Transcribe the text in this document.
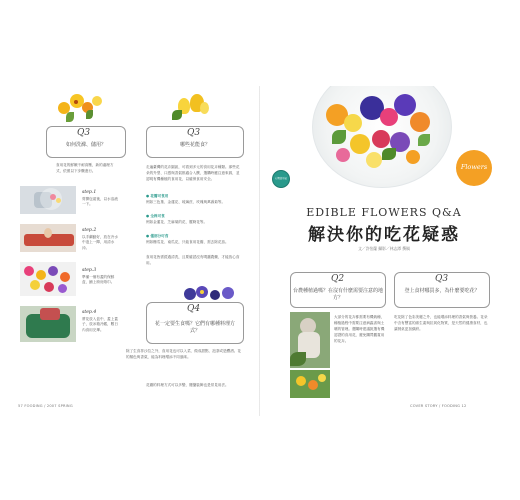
Q3
如何洗滌、儲用？
食用花的鮮嫩不耐高壓，新的處理方式，依照以下步驟進行。
step.1
剪開包裝後，以水溶液一下。
step.2
以手翻動好，放在冷水中泡上一陣，用清水沖。
step.3
準備一個有蓋的保鮮盒，鋪上廚房紙巾。
step.4
將花放入盒中，蓋上蓋子，放冰箱冷藏，數日內食用完畢。
Q3
哪些花能食？
走遍臺灣的花卉園區，可看到多元的食用花卉種類。那些花朵的外型、口感與香氣都適合入饌，選購時應注意來源，並認明有機種植的食用花，以確保食用安全。
● 花瓣可食用
例如三色堇、金蓮花、琉璃苣、玫瑰與萬壽菊等。
● 全株可食
例如金蓮花、芝麻葉的花、羅勒花等。
● 僅部分可食
例如櫛瓜花、南瓜花，只能食用花瓣，需去除花蕊。
食用花皆需經過清洗，且要確認沒有噴灑農藥，才能放心食用。
Q4
花一定要生食嗎？它們有哪種料理方式？
除了生食拌沙拉之外，食用花也可以入菜、做成甜點、泡茶或是釀酒。花的顏色與香氣，能為料理增添不同風味。
花瓣的料理方式可以多變，擺盤裝飾也是常見用法。
57 FOODING / 2007 SPRING
有機食用花
Flowers
EDIBLE FLOWERS Q&A
解決你的吃花疑惑
文／許怡蘭 攝影／林志潭 撰稿
Q2
台農種植過嗎？在沒有什麼需要注意的地方？
Q3
登上食材哪買多，為什麼要吃花？
大部分的花卉都需要有機栽種，種植過程中需要注意病蟲害與土壤的管理。選購時建議挑選有機認證的食用花，避免購買觀賞用的花卉。
吃花除了色彩美麗之外，也能增添料理的香氣與營養。花朵中含有豐富的維生素與抗氧化物質，是天然的健康食材，也讓餐桌更加繽紛。
COVER STORY / FOODING 12
